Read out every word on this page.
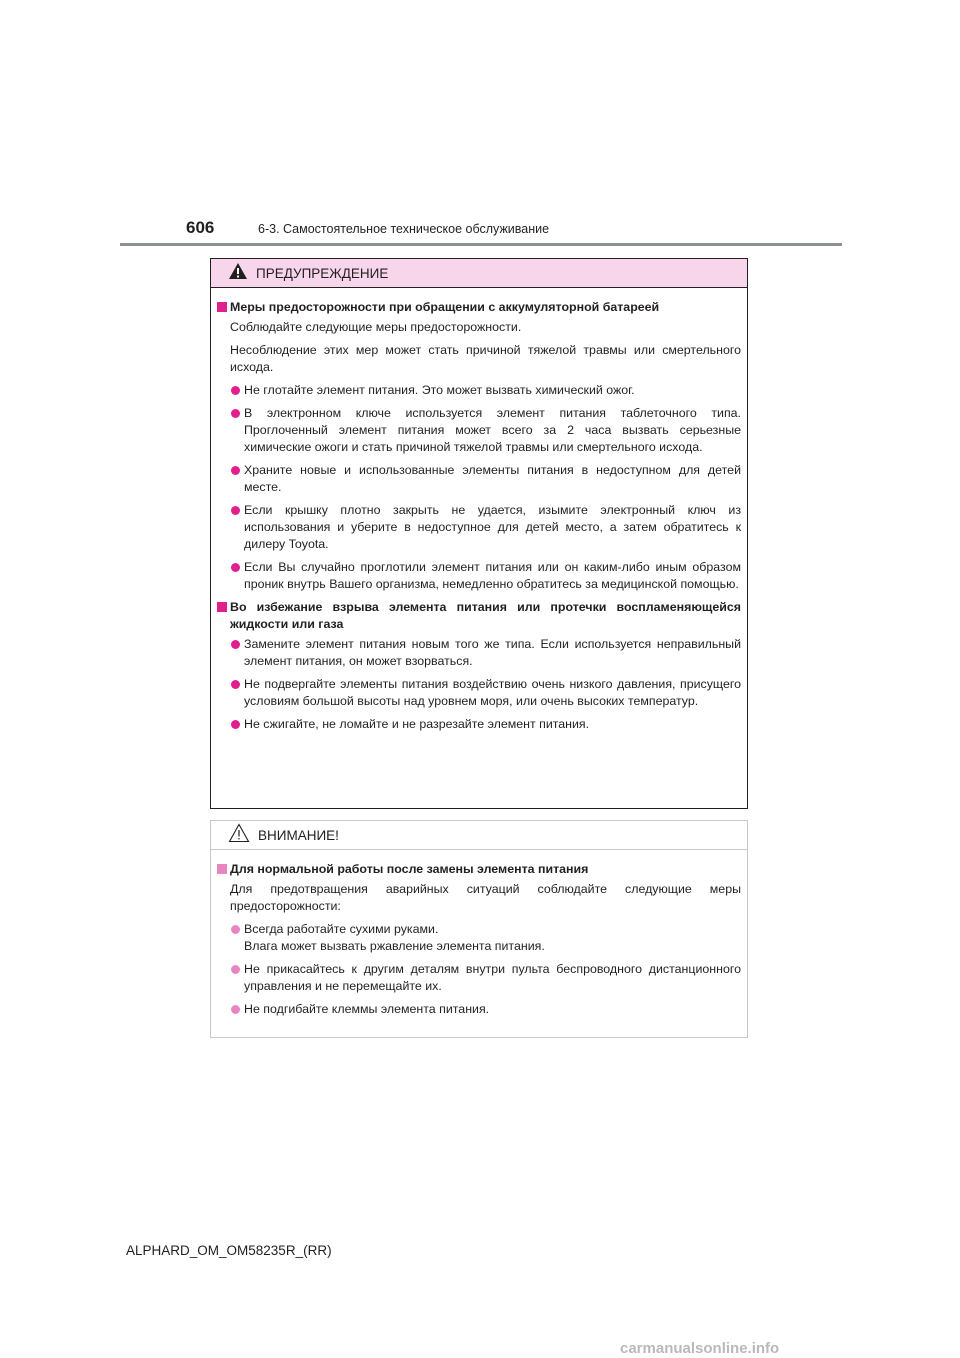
606	6-3. Самостоятельное техническое обслуживание
ПРЕДУПРЕЖДЕНИЕ
Меры предосторожности при обращении с аккумуляторной батареей
Соблюдайте следующие меры предосторожности.
Несоблюдение этих мер может стать причиной тяжелой травмы или смертельного исхода.
Не глотайте элемент питания. Это может вызвать химический ожог.
В электронном ключе используется элемент питания таблеточного типа. Проглоченный элемент питания может всего за 2 часа вызвать серьезные химические ожоги и стать причиной тяжелой травмы или смертельного исхода.
Храните новые и использованные элементы питания в недоступном для детей месте.
Если крышку плотно закрыть не удается, изымите электронный ключ из использования и уберите в недоступное для детей место, а затем обратитесь к дилеру Toyota.
Если Вы случайно проглотили элемент питания или он каким-либо иным образом проник внутрь Вашего организма, немедленно обратитесь за медицинской помощью.
Во избежание взрыва элемента питания или протечки воспламеняющейся жидкости или газа
Замените элемент питания новым того же типа. Если используется неправильный элемент питания, он может взорваться.
Не подвергайте элементы питания воздействию очень низкого давления, присущего условиям большой высоты над уровнем моря, или очень высоких температур.
Не сжигайте, не ломайте и не разрезайте элемент питания.
ВНИМАНИЕ!
Для нормальной работы после замены элемента питания
Для предотвращения аварийных ситуаций соблюдайте следующие меры предосторожности:
Всегда работайте сухими руками.
Влага может вызвать ржавление элемента питания.
Не прикасайтесь к другим деталям внутри пульта беспроводного дистанционного управления и не перемещайте их.
Не подгибайте клеммы элемента питания.
ALPHARD_OM_OM58235R_(RR)
carmanualsonline.info
